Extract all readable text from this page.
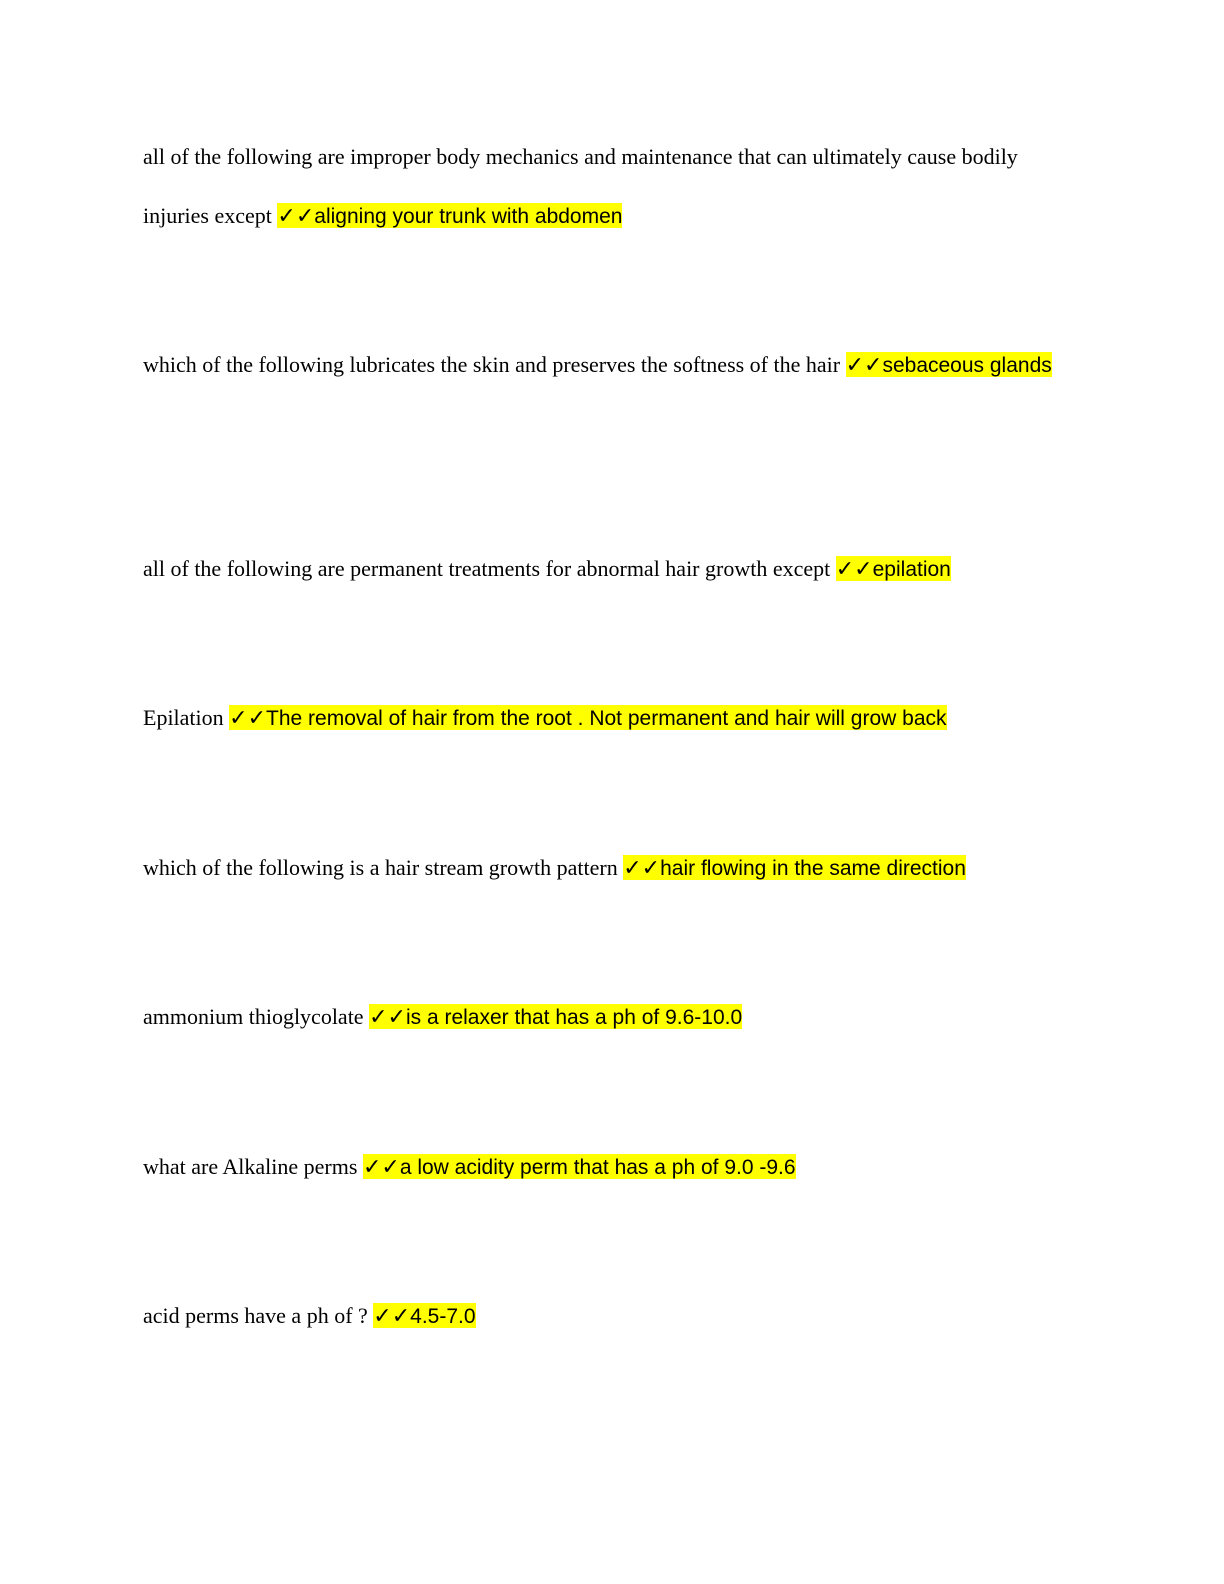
all of the following are improper body mechanics and maintenance that can ultimately cause bodily injuries except ✓✓aligning your trunk with abdomen

which of the following lubricates the skin and preserves the softness of the hair ✓✓sebaceous glands

all of the following are permanent treatments for abnormal hair growth except ✓✓epilation

Epilation ✓✓The removal of hair from the root . Not permanent and hair will grow back

which of the following is a hair stream growth pattern ✓✓hair flowing in the same direction

ammonium thioglycolate ✓✓is a relaxer that has a ph of 9.6-10.0

what are Alkaline perms ✓✓a low acidity perm that has a ph of 9.0 -9.6

acid perms have a ph of ? ✓✓4.5-7.0
